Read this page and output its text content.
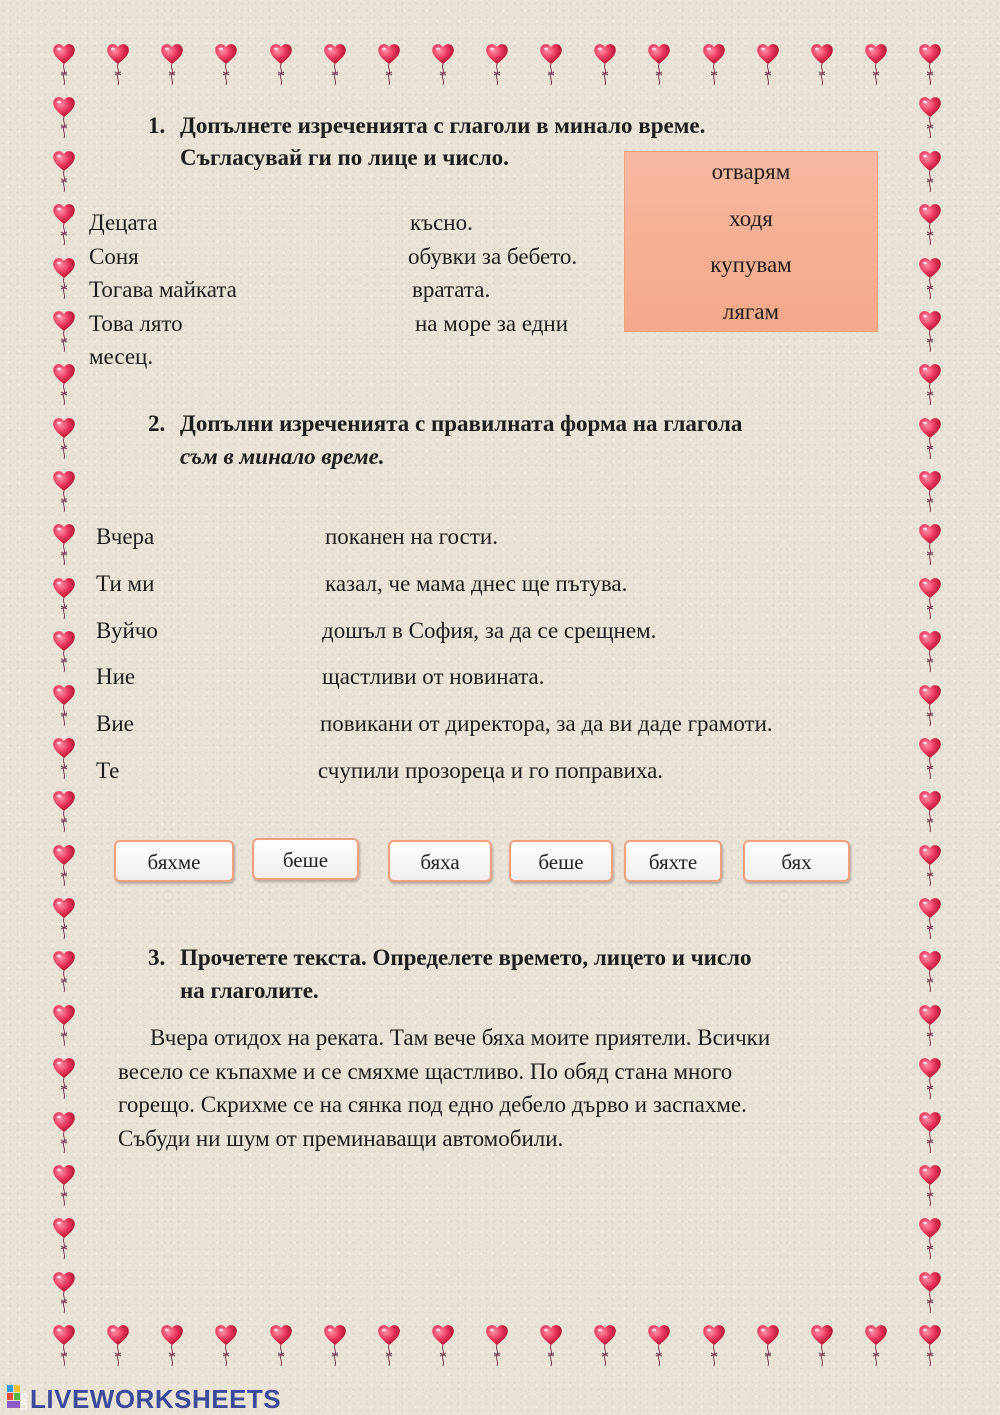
1. Допълнете изреченията с глаголи в минало време.
Съгласувай ги по лице и число.
Децата	късно.
Соня	обувки за бебето.
Тогава майката	вратата.
Това лято	на море за едни
месец.
отварям
ходя
купувам
лягам
2. Допълни изреченията с правилната форма на глагола
съм в минало време.
Вчера	поканен на гости.
Ти ми	казал, че мама днес ще пътува.
Вуйчо	дошъл в София, за да се срещнем.
Ние	щастливи от новината.
Вие	повикани от директора, за да ви даде грамоти.
Те	счупили прозореца и го поправиха.
бяхме	беше	бяха	беше	бяхте	бях
3. Прочетете текста. Определете времето, лицето и число
на глаголите.
Вчера отидох на реката. Там вече бяха моите приятели. Всички
весело се къпахме и се смяхме щастливо. По обяд стана много
горещо. Скрихме се на сянка под едно дебело дърво и заспахме.
Събуди ни шум от преминаващи автомобили.
LWS LIVEWORKSHEETS
